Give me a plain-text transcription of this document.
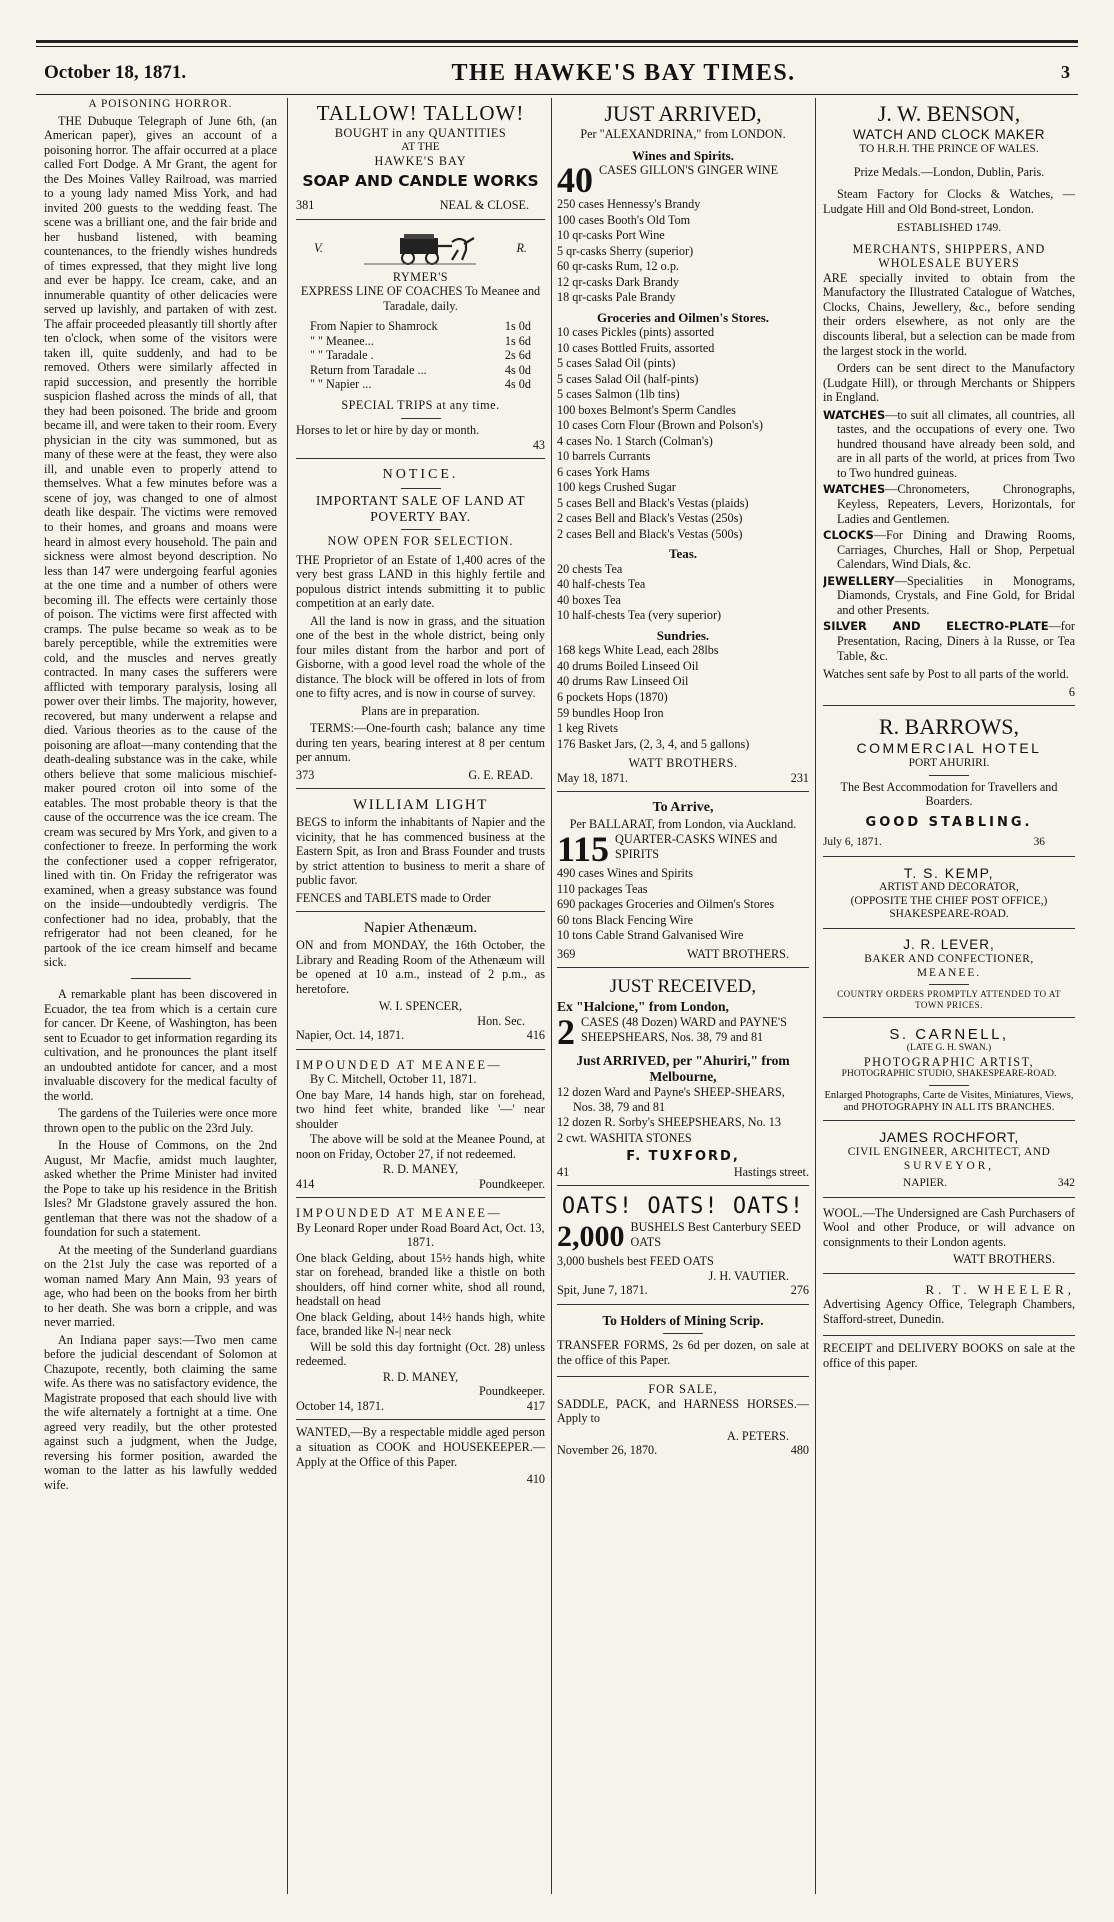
October 18, 1871.	THE HAWKE'S BAY TIMES.	3
A POISONING HORROR.

THE Dubuque Telegraph of June 6th, (an American paper), gives an account of a poisoning horror. The affair occurred at a place called Fort Dodge. A Mr Grant, the agent for the Des Moines Valley Railroad, was married to a young lady named Miss York, and had invited 200 guests to the wedding feast. The scene was a brilliant one, and the fair bride and her husband listened, with beaming countenances, to the friendly wishes hundreds of times expressed, that they might live long and ever be happy. Ice cream, cake, and an innumerable quantity of other delicacies were served up lavishly, and partaken of with zest. The affair proceeded pleasantly till shortly after ten o'clock, when some of the visitors were taken ill, quite suddenly, and had to be removed. Others were similarly affected in rapid succession, and presently the horrible suspicion flashed across the minds of all, that they had been poisoned. The bride and groom became ill, and were taken to their room. Every physician in the city was summoned, but as many of these were at the feast, they were also ill, and unable even to properly attend to themselves. What a few minutes before was a scene of joy, was changed to one of almost death like despair. The victims were removed to their homes, and groans and moans were heard in almost every household. The pain and sickness were almost beyond description. No less than 147 were undergoing fearful agonies at the one time and a number of others were becoming ill. The effects were certainly those of poison. The victims were first affected with cramps. The pulse became so weak as to be barely perceptible, while the extremities were cold, and the muscles and nerves greatly contracted. In many cases the sufferers were afflicted with temporary paralysis, losing all power over their limbs. The majority, however, recovered, but many underwent a relapse and died. Various theories as to the cause of the poisoning are afloat—many contending that the death-dealing substance was in the cake, while others believe that some malicious mischief-maker poured croton oil into some of the eatables. The most probable theory is that the cause of the occurrence was the ice cream. The cream was secured by Mrs York, and given to a confectioner to freeze. In performing the work the confectioner used a copper refrigerator, lined with tin. On Friday the refrigerator was examined, when a greasy substance was found on the inside—undoubtedly verdigris. The confectioner had no idea, probably, that the refrigerator had not been cleaned, for he partook of the ice cream himself and became sick.

A remarkable plant has been discovered in Ecuador, the tea from which is a certain cure for cancer. Dr Keene, of Washington, has been sent to Ecuador to get information regarding its cultivation, and he pronounces the plant itself an undoubted antidote for cancer, and a most invaluable discovery for the medical faculty of the world.

The gardens of the Tuileries were once more thrown open to the public on the 23rd July.

In the House of Commons, on the 2nd August, Mr Macfie, amidst much laughter, asked whether the Prime Minister had invited the Pope to take up his residence in the British Isles? Mr Gladstone gravely assured the hon. gentleman that there was not the shadow of a foundation for such a statement.

At the meeting of the Sunderland guardians on the 21st July the case was reported of a woman named Mary Ann Main, 93 years of age, who had been on the books from her birth to her death. She was born a cripple, and was never married.

An Indiana paper says:—Two men came before the judicial descendant of Solomon at Chazupote, recently, both claiming the same wife. As there was no satisfactory evidence, the Magistrate proposed that each should live with the wife alternately a fortnight at a time. One agreed very readily, but the other protested against such a judgment, when the Judge, reversing his former position, awarded the woman to the latter as his lawfully wedded wife.

TALLOW! TALLOW!
BOUGHT in any QUANTITIES
AT THE
HAWKE'S BAY
SOAP AND CANDLE WORKS
381	NEAL & CLOSE.
V.	R.
RYMER'S

EXPRESS LINE OF COACHES To Meanee and Taradale, daily.

From Napier to Shamrock	1s 0d
" " Meanee...	1s 6d
" " Taradale .	2s 6d
Return from Taradale ...	4s 0d
" " Napier ...	4s 0d
SPECIAL TRIPS at any time.
Horses to let or hire by day or month.
43
NOTICE.
IMPORTANT SALE OF LAND AT POVERTY BAY.
NOW OPEN FOR SELECTION.

THE Proprietor of an Estate of 1,400 acres of the very best grass LAND in this highly fertile and populous district intends submitting it to public competition at an early date.

All the land is now in grass, and the situation one of the best in the whole district, being only four miles distant from the harbor and port of Gisborne, with a good level road the whole of the distance. The block will be offered in lots of from one to fifty acres, and is now in course of survey.

Plans are in preparation.

TERMS:—One-fourth cash; balance any time during ten years, bearing interest at 8 per centum per annum.

373	G. E. READ.
WILLIAM LIGHT

BEGS to inform the inhabitants of Napier and the vicinity, that he has commenced business at the Eastern Spit, as Iron and Brass Founder and trusts by strict attention to business to merit a share of public favor.

FENCES and TABLETS made to Order
Napier Athenæum.

ON and from MONDAY, the 16th October, the Library and Reading Room of the Athenæum will be opened at 10 a.m., instead of 2 p.m., as heretofore.

W. I. SPENCER,
Hon. Sec.
Napier, Oct. 14, 1871.	416
IMPOUNDED AT MEANEE—

By C. Mitchell, October 11, 1871.

One bay Mare, 14 hands high, star on forehead, two hind feet white, branded like '—' near shoulder

The above will be sold at the Meanee Pound, at noon on Friday, October 27, if not redeemed.

R. D. MANEY,
414	Poundkeeper.
IMPOUNDED AT MEANEE—

By Leonard Roper under Road Board Act, Oct. 13, 1871.

One black Gelding, about 15½ hands high, white star on forehead, branded like a thistle on both shoulders, off hind corner white, shod all round, headstall on head

One black Gelding, about 14½ hands high, white face, branded like N-| near neck

Will be sold this day fortnight (Oct. 28) unless redeemed.

R. D. MANEY,
Poundkeeper.
October 14, 1871.	417

WANTED,—By a respectable middle aged person a situation as COOK and HOUSEKEEPER.—Apply at the Office of this Paper.

410
JUST ARRIVED,
Per "ALEXANDRINA," from LONDON.
Wines and Spirits.
40 CASES GILLON'S GINGER WINE
250 cases Hennessy's Brandy
100 cases Booth's Old Tom
10 qr-casks Port Wine
5 qr-casks Sherry (superior)
60 qr-casks Rum, 12 o.p.
12 qr-casks Dark Brandy
18 qr-casks Pale Brandy
Groceries and Oilmen's Stores.
10 cases Pickles (pints) assorted
10 cases Bottled Fruits, assorted
5 cases Salad Oil (pints)
5 cases Salad Oil (half-pints)
5 cases Salmon (1lb tins)
100 boxes Belmont's Sperm Candles
10 cases Corn Flour (Brown and Polson's)
4 cases No. 1 Starch (Colman's)
10 barrels Currants
6 cases York Hams
100 kegs Crushed Sugar
5 cases Bell and Black's Vestas (plaids)
2 cases Bell and Black's Vestas (250s)
2 cases Bell and Black's Vestas (500s)
Teas.
20 chests Tea
40 half-chests Tea
40 boxes Tea
10 half-chests Tea (very superior)
Sundries.
168 kegs White Lead, each 28lbs
40 drums Boiled Linseed Oil
40 drums Raw Linseed Oil
6 pockets Hops (1870)
59 bundles Hoop Iron
1 keg Rivets
176 Basket Jars, (2, 3, 4, and 5 gallons)
WATT BROTHERS.
May 18, 1871.	231
To Arrive,

Per BALLARAT, from London, via Auckland.

115 QUARTER-CASKS WINES and SPIRITS
490 cases Wines and Spirits
110 packages Teas
690 packages Groceries and Oilmen's Stores
60 tons Black Fencing Wire
10 tons Cable Strand Galvanised Wire
369	WATT BROTHERS.
JUST RECEIVED,
Ex "Halcione," from London,
2 CASES (48 Dozen) WARD and PAYNE'S SHEEPSHEARS, Nos. 38, 79 and 81
Just ARRIVED, per "Ahuriri," from Melbourne,
12 dozen Ward and Payne's SHEEP-SHEARS, Nos. 38, 79 and 81
12 dozen R. Sorby's SHEEPSHEARS, No. 13
2 cwt. WASHITA STONES
F. TUXFORD,
41	Hastings street.
OATS! OATS! OATS!
2,000 BUSHELS Best Canterbury SEED OATS
3,000 bushels best FEED OATS
J. H. VAUTIER.
Spit, June 7, 1871.	276
To Holders of Mining Scrip.

TRANSFER FORMS, 2s 6d per dozen, on sale at the office of this Paper.

FOR SALE,

SADDLE, PACK, and HARNESS HORSES.—Apply to

A. PETERS.
November 26, 1870.	480
J. W. BENSON,
WATCH AND CLOCK MAKER
TO H.R.H. THE PRINCE OF WALES.
Prize Medals.—London, Dublin, Paris.

Steam Factory for Clocks & Watches, —Ludgate Hill and Old Bond-street, London.

ESTABLISHED 1749.
MERCHANTS, SHIPPERS, AND WHOLESALE BUYERS

ARE specially invited to obtain from the Manufactory the Illustrated Catalogue of Watches, Clocks, Chains, Jewellery, &c., before sending their orders elsewhere, as not only are the discounts liberal, but a selection can be made from the largest stock in the world.

Orders can be sent direct to the Manufactory (Ludgate Hill), or through Merchants or Shippers in England.

WATCHES—to suit all climates, all countries, all tastes, and the occupations of every one. Two hundred thousand have already been sold, and are in all parts of the world, at prices from Two to Two hundred guineas.

WATCHES—Chronometers, Chronographs, Keyless, Repeaters, Levers, Horizontals, for Ladies and Gentlemen.

CLOCKS—For Dining and Drawing Rooms, Carriages, Churches, Hall or Shop, Perpetual Calendars, Wind Dials, &c.

JEWELLERY—Specialities in Monograms, Diamonds, Crystals, and Fine Gold, for Bridal and other Presents.

SILVER AND ELECTRO-PLATE—for Presentation, Racing, Diners à la Russe, or Tea Table, &c.

Watches sent safe by Post to all parts of the world.

6
R. BARROWS,
COMMERCIAL HOTEL
PORT AHURIRI.

The Best Accommodation for Travellers and Boarders.

GOOD STABLING.
July 6, 1871.	36
T. S. KEMP,
ARTIST AND DECORATOR,
(OPPOSITE THE CHIEF POST OFFICE,)
SHAKESPEARE-ROAD.
J. R. LEVER,
BAKER AND CONFECTIONER,
MEANEE.
COUNTRY ORDERS PROMPTLY ATTENDED TO AT TOWN PRICES.
S. CARNELL,
(LATE G. H. SWAN.)
PHOTOGRAPHIC ARTIST,
PHOTOGRAPHIC STUDIO, SHAKESPEARE-ROAD.
Enlarged Photographs, Carte de Visites, Miniatures, Views, and PHOTOGRAPHY IN ALL ITS BRANCHES.
JAMES ROCHFORT,
CIVIL ENGINEER, ARCHITECT, AND
SURVEYOR,
NAPIER.	342

WOOL.—The Undersigned are Cash Purchasers of Wool and other Produce, or will advance on consignments to their London agents.

WATT BROTHERS.
R. T. WHEELER,

Advertising Agency Office, Telegraph Chambers, Stafford-street, Dunedin.

RECEIPT and DELIVERY BOOKS on sale at the office of this paper.
